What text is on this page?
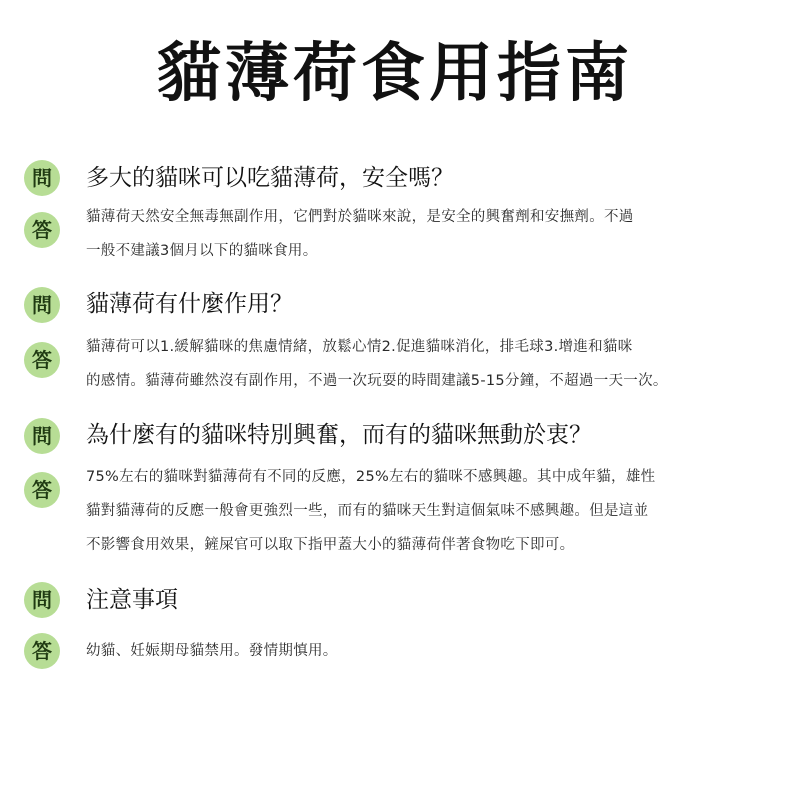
貓薄荷食用指南
問	多大的貓咪可以吃貓薄荷，安全嗎？
答
貓薄荷天然安全無毒無副作用，它們對於貓咪來說，是安全的興奮劑和安撫劑。不過
一般不建議3個月以下的貓咪食用。
問	貓薄荷有什麼作用？
答
貓薄荷可以1.緩解貓咪的焦慮情緒，放鬆心情2.促進貓咪消化，排毛球3.增進和貓咪
的感情。貓薄荷雖然沒有副作用，不過一次玩耍的時間建議5-15分鐘，不超過一天一次。
問	為什麼有的貓咪特別興奮，而有的貓咪無動於衷？
答
75%左右的貓咪對貓薄荷有不同的反應，25%左右的貓咪不感興趣。其中成年貓，雄性
貓對貓薄荷的反應一般會更強烈一些，而有的貓咪天生對這個氣味不感興趣。但是這並
不影響食用效果，鏟屎官可以取下指甲蓋大小的貓薄荷伴著食物吃下即可。
問	注意事項
答	幼貓、妊娠期母貓禁用。發情期慎用。
